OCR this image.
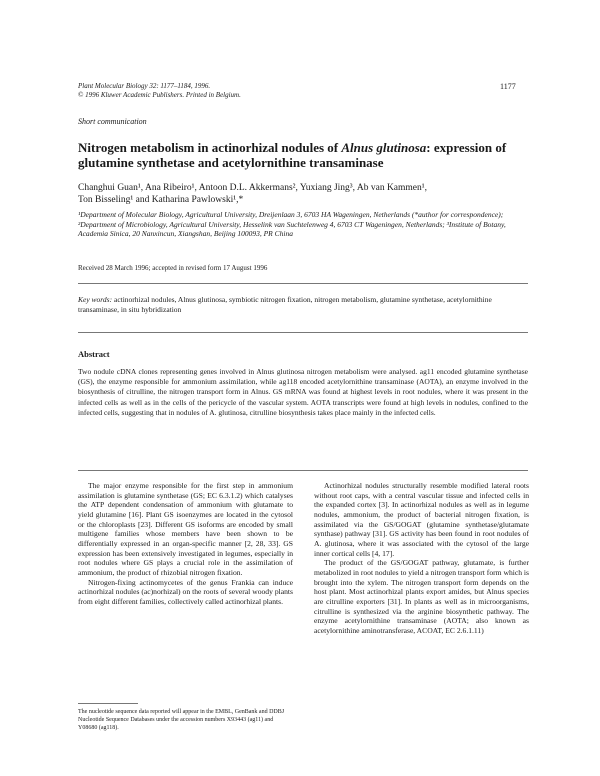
Plant Molecular Biology 32: 1177–1184, 1996.
© 1996 Kluwer Academic Publishers. Printed in Belgium.
1177
Short communication
Nitrogen metabolism in actinorhizal nodules of Alnus glutinosa: expression of glutamine synthetase and acetylornithine transaminase
Changhui Guan¹, Ana Ribeiro¹, Antoon D.L. Akkermans², Yuxiang Jing³, Ab van Kammen¹,
Ton Bisseling¹ and Katharina Pawlowski¹,*
¹Department of Molecular Biology, Agricultural University, Dreijenlaan 3, 6703 HA Wageningen, Netherlands (*author for correspondence); ²Department of Microbiology, Agricultural University, Hesselink van Suchtelenweg 4, 6703 CT Wageningen, Netherlands; ³Institute of Botany, Academia Sinica, 20 Nanxincun, Xiangshan, Beijing 100093, PR China
Received 28 March 1996; accepted in revised form 17 August 1996
Key words: actinorhizal nodules, Alnus glutinosa, symbiotic nitrogen fixation, nitrogen metabolism, glutamine synthetase, acetylornithine transaminase, in situ hybridization
Abstract
Two nodule cDNA clones representing genes involved in Alnus glutinosa nitrogen metabolism were analysed. ag11 encoded glutamine synthetase (GS), the enzyme responsible for ammonium assimilation, while ag118 encoded acetylornithine transaminase (AOTA), an enzyme involved in the biosynthesis of citrulline, the nitrogen transport form in Alnus. GS mRNA was found at highest levels in root nodules, where it was present in the infected cells as well as in the cells of the pericycle of the vascular system. AOTA transcripts were found at high levels in nodules, confined to the infected cells, suggesting that in nodules of A. glutinosa, citrulline biosynthesis takes place mainly in the infected cells.

The major enzyme responsible for the first step in ammonium assimilation is glutamine synthetase (GS; EC 6.3.1.2) which catalyses the ATP dependent condensation of ammonium with glutamate to yield glutamine [16]. Plant GS isoenzymes are located in the cytosol or the chloroplasts [23]. Different GS isoforms are encoded by small multigene families whose members have been shown to be differentially expressed in an organ-specific manner [2, 28, 33]. GS expression has been extensively investigated in legumes, especially in root nodules where GS plays a crucial role in the assimilation of ammonium, the product of rhizobial nitrogen fixation.

Nitrogen-fixing actinomycetes of the genus Frankia can induce actinorhizal nodules (ac)norhizal) on the roots of several woody plants from eight different families, collectively called actinorhizal plants.

Actinorhizal nodules structurally resemble modified lateral roots without root caps, with a central vascular tissue and infected cells in the expanded cortex [3]. In actinorhizal nodules as well as in legume nodules, ammonium, the product of bacterial nitrogen fixation, is assimilated via the GS/GOGAT (glutamine synthetase/glutamate synthase) pathway [31]. GS activity has been found in root nodules of A. glutinosa, where it was associated with the cytosol of the large inner cortical cells [4, 17].

The product of the GS/GOGAT pathway, glutamate, is further metabolized in root nodules to yield a nitrogen transport form which is brought into the xylem. The nitrogen transport form depends on the host plant. Most actinorhizal plants export amides, but Alnus species are citrulline exporters [31]. In plants as well as in microorganisms, citrulline is synthesized via the arginine biosynthetic pathway. The enzyme acetylornithine transaminase (AOTA; also known as acetylornithine aminotransferase, ACOAT, EC 2.6.1.11)

The nucleotide sequence data reported will appear in the EMBL, GenBank and DDBJ Nucleotide Sequence Databases under the accession numbers X93443 (ag11) and Y08680 (ag118).
